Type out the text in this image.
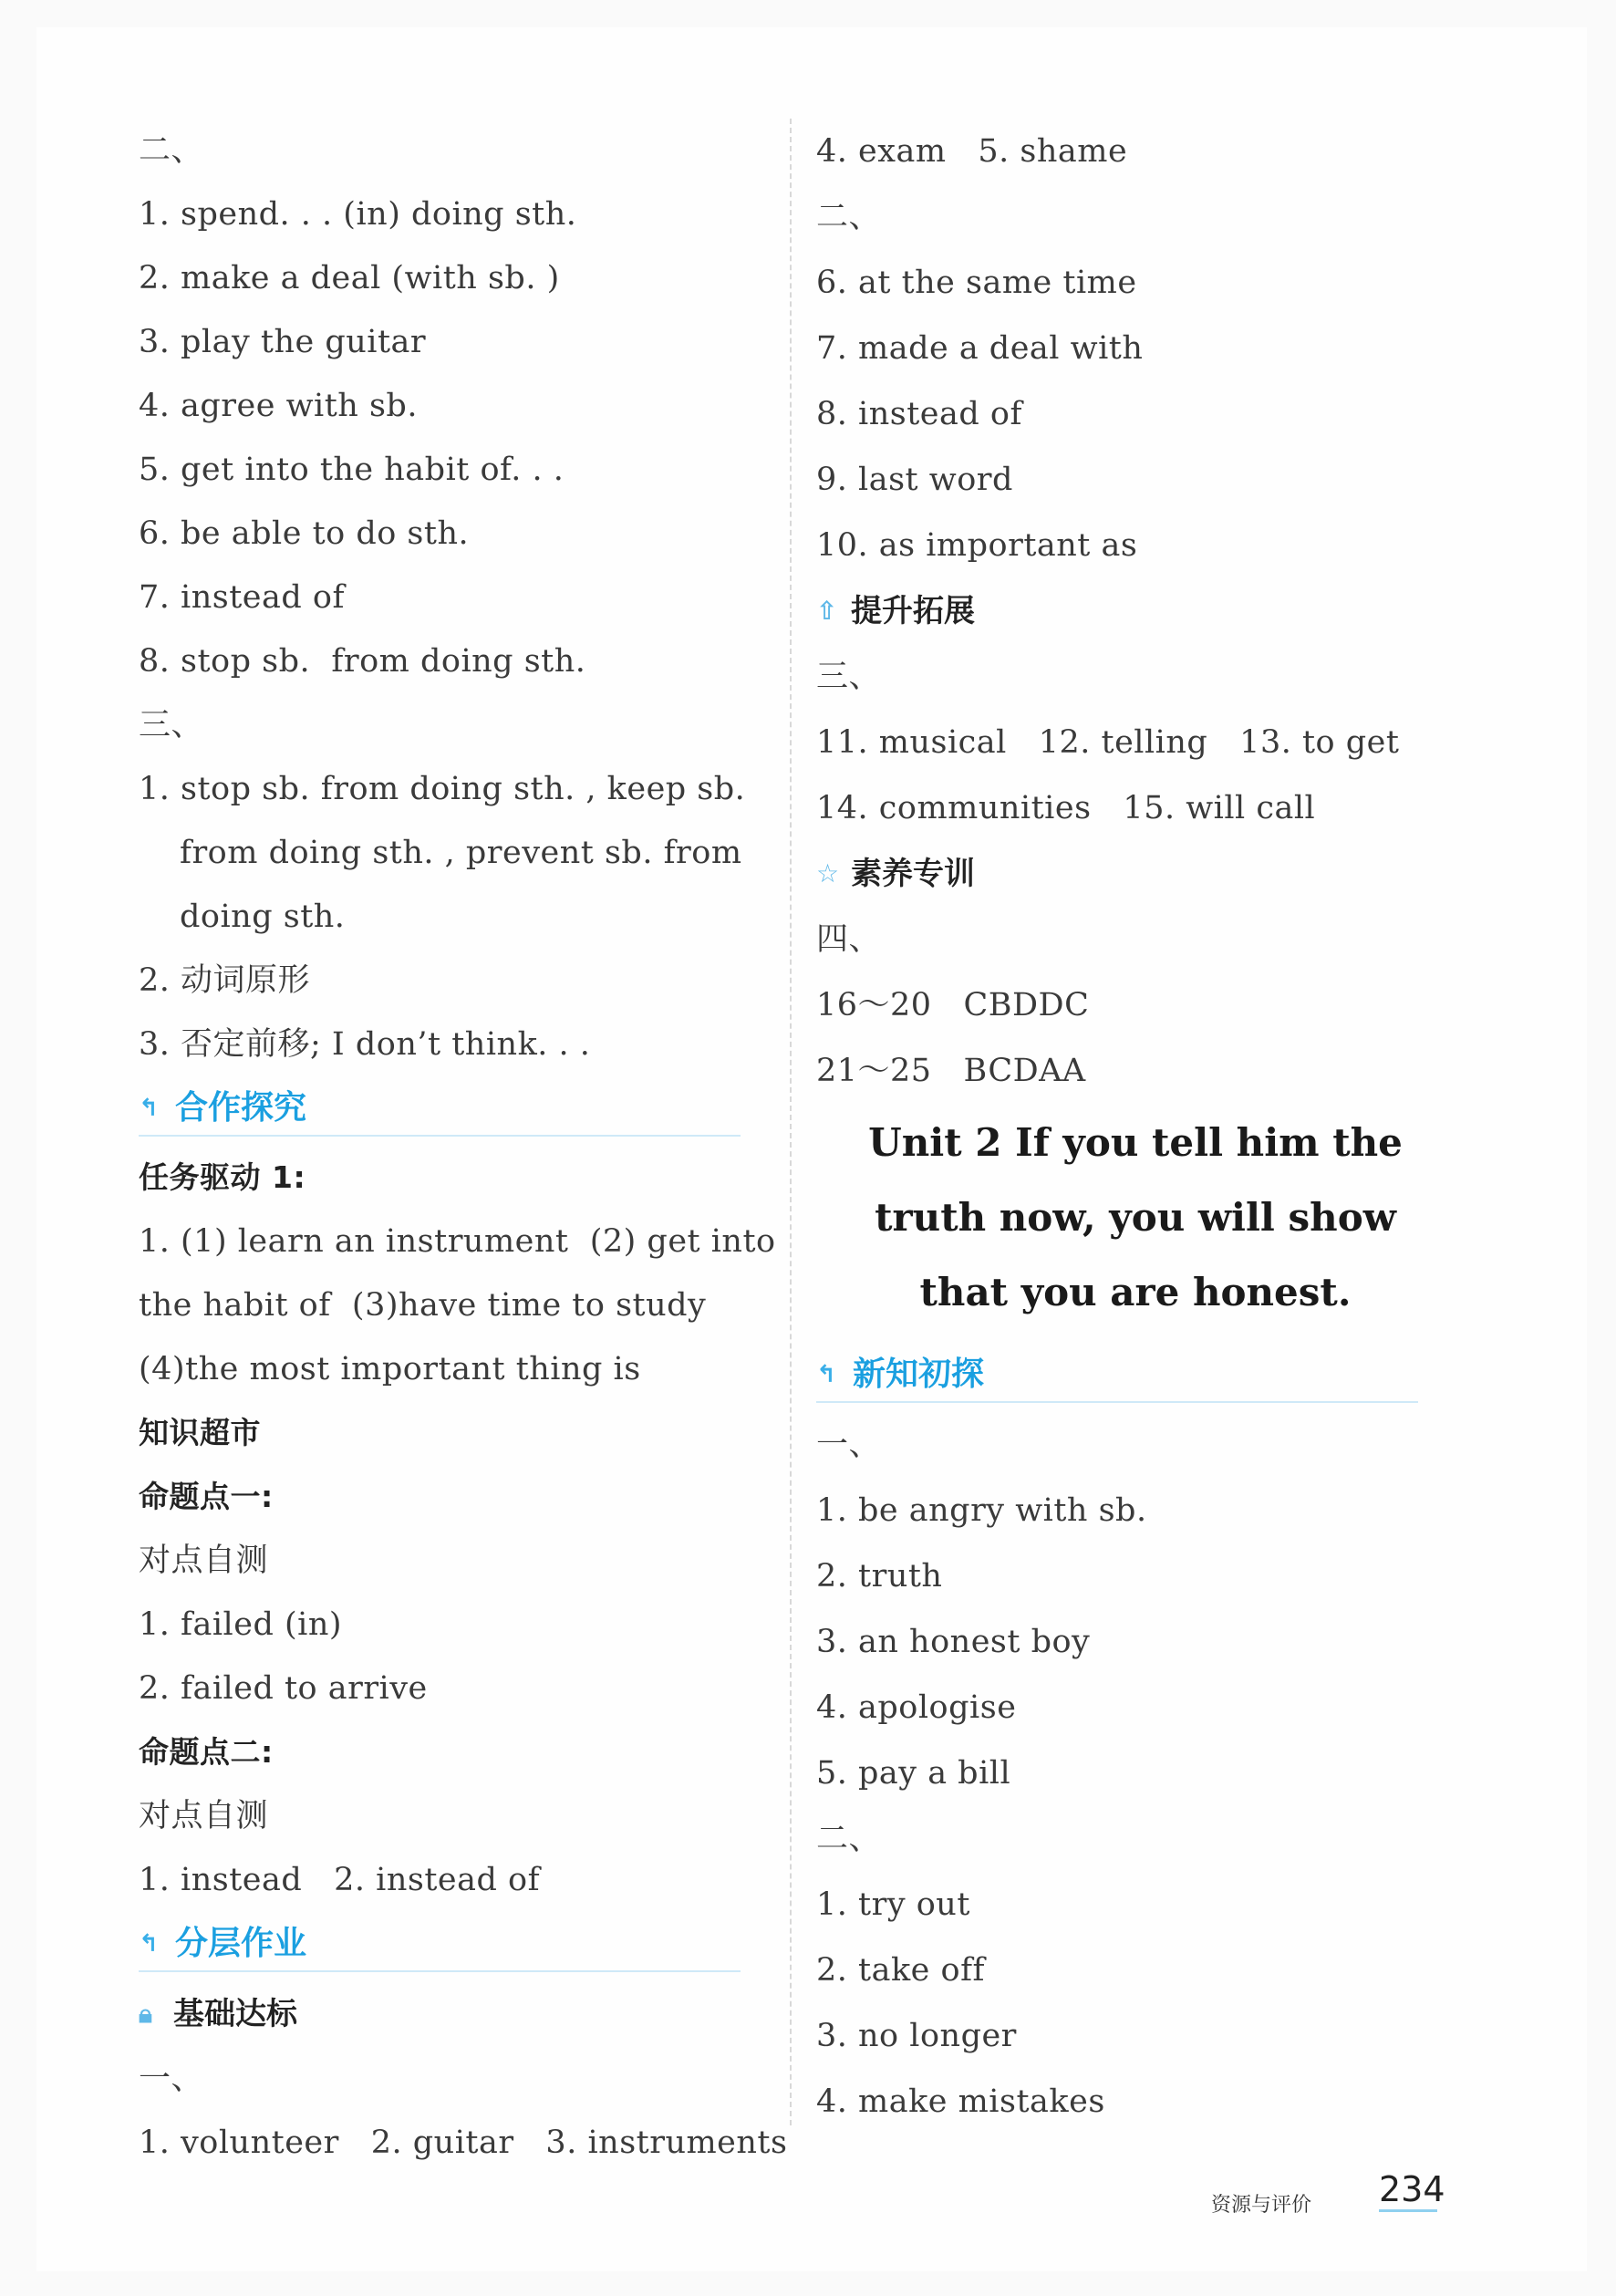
二、
1. spend. . . (in) doing sth.
2. make a deal (with sb. )
3. play the guitar
4. agree with sb.
5. get into the habit of. . .
6. be able to do sth.
7. instead of
8. stop sb.  from doing sth.
三、
1. stop sb. from doing sth. , keep sb.
from doing sth. , prevent sb. from
doing sth.
2. 动词原形
3. 否定前移; I don’t think. . .
↰ 合作探究
任务驱动 1:
1. (1) learn an instrument  (2) get into
the habit of  (3)have time to study
(4)the most important thing is
知识超市
命题点一:
对点自测
1. failed (in)
2. failed to arrive
命题点二:
对点自测
1. instead   2. instead of
↰ 分层作业
🔒︎ 基础达标
一、
1. volunteer   2. guitar   3. instruments
4. exam   5. shame
二、
6. at the same time
7. made a deal with
8. instead of
9. last word
10. as important as
⇧ 提升拓展
三、
11. musical   12. telling   13. to get
14. communities   15. will call
☆ 素养专训
四、
16～20   CBDDC
21～25   BCDAA
Unit 2 If you tell him the
truth now, you will show
that you are honest.
↰ 新知初探
一、
1. be angry with sb.
2. truth
3. an honest boy
4. apologise
5. pay a bill
二、
1. try out
2. take off
3. no longer
4. make mistakes
资源与评价 234
